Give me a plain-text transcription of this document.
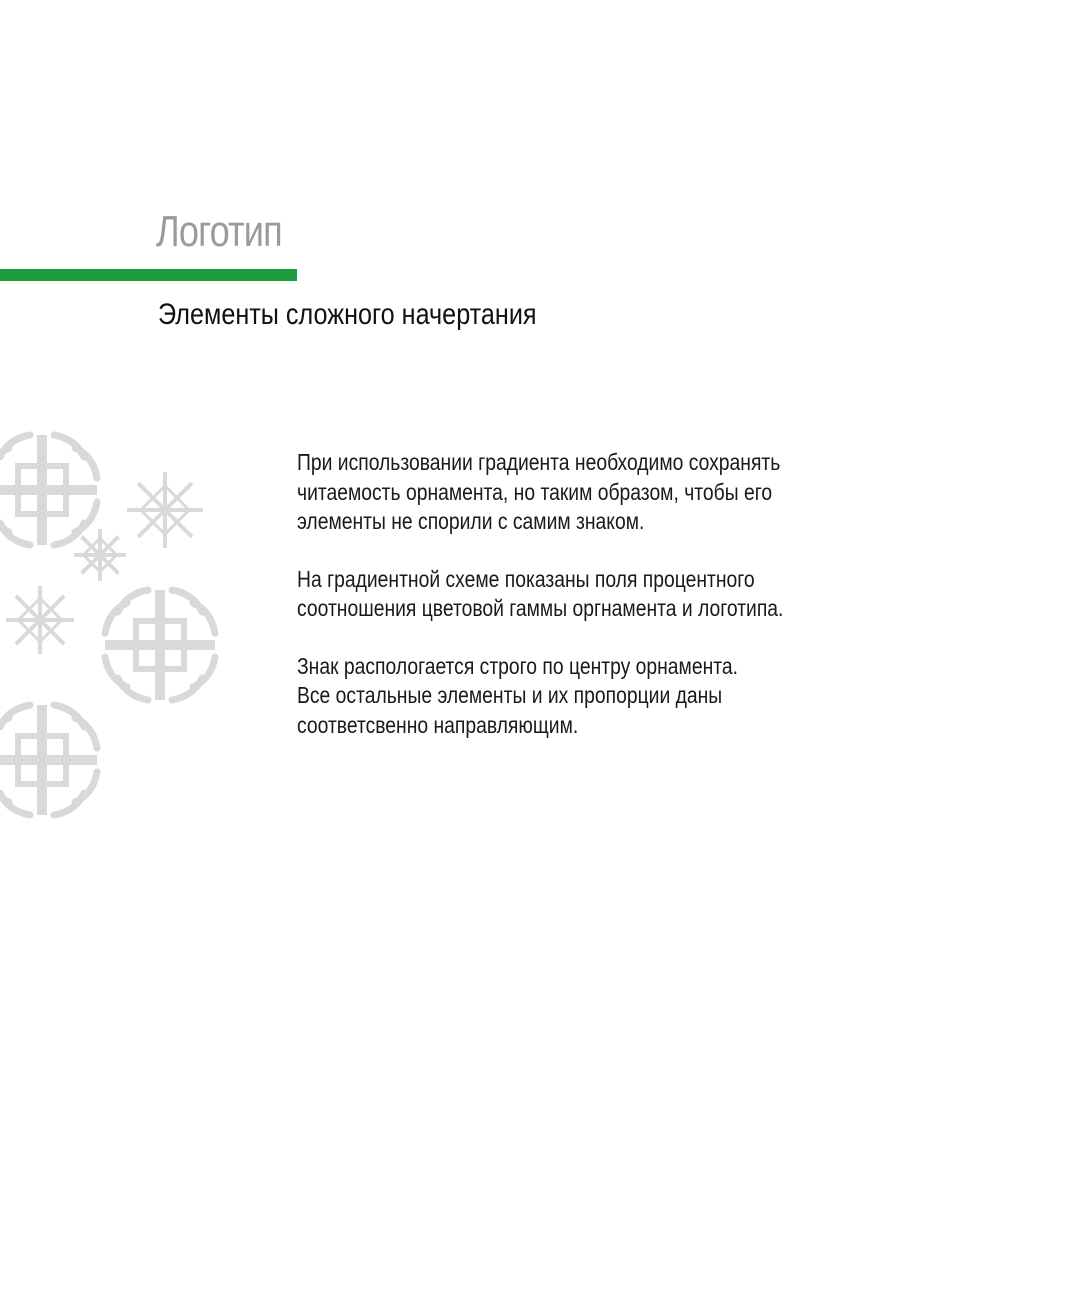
Логотип
Элементы сложного начертания

При использовании градиента необходимо сохранять
читаемость орнамента, но таким образом, чтобы его
элементы не спорили с самим знаком.

На градиентной схеме показаны поля процентного
соотношения цветовой гаммы оргнамента и логотипа.

Знак распологается строго по центру орнамента.
Все остальные элементы и их пропорции даны
соответсвенно направляющим.
